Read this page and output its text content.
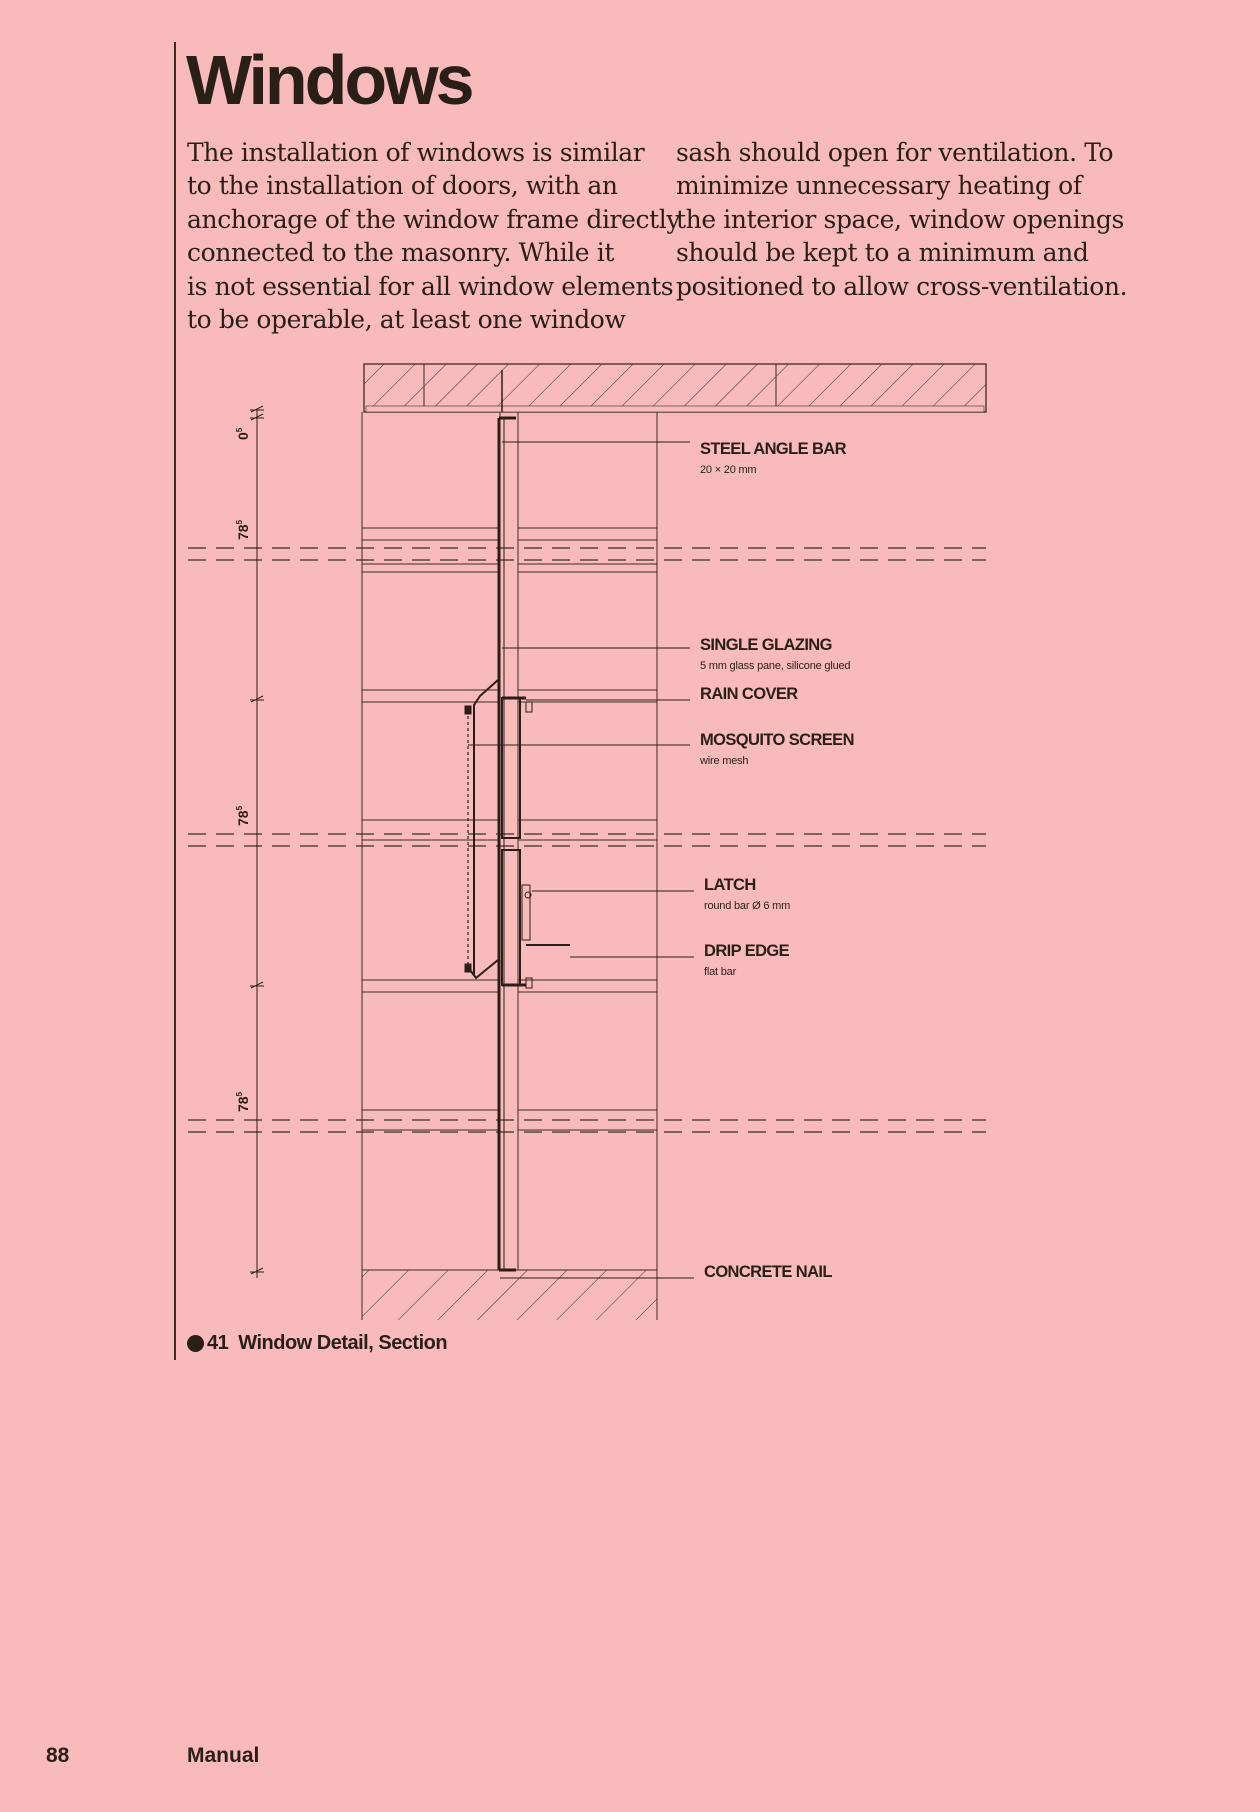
Windows
The installation of windows is similar
to the installation of doors, with an
anchorage of the window frame directly
connected to the masonry. While it
is not essential for all window elements
to be operable, at least one window
sash should open for ventilation. To
minimize unnecessary heating of
the interior space, window openings
should be kept to a minimum and
positioned to allow cross-ventilation.
STEEL ANGLE BAR
20 × 20 mm
SINGLE GLAZING
5 mm glass pane, silicone glued
RAIN COVER
MOSQUITO SCREEN
wire mesh
LATCH
round bar Ø 6 mm
DRIP EDGE
flat bar
CONCRETE NAIL
$0^5$
$78^5$
$78^5$
$78^5$
41 Window Detail, Section
88	Manual
